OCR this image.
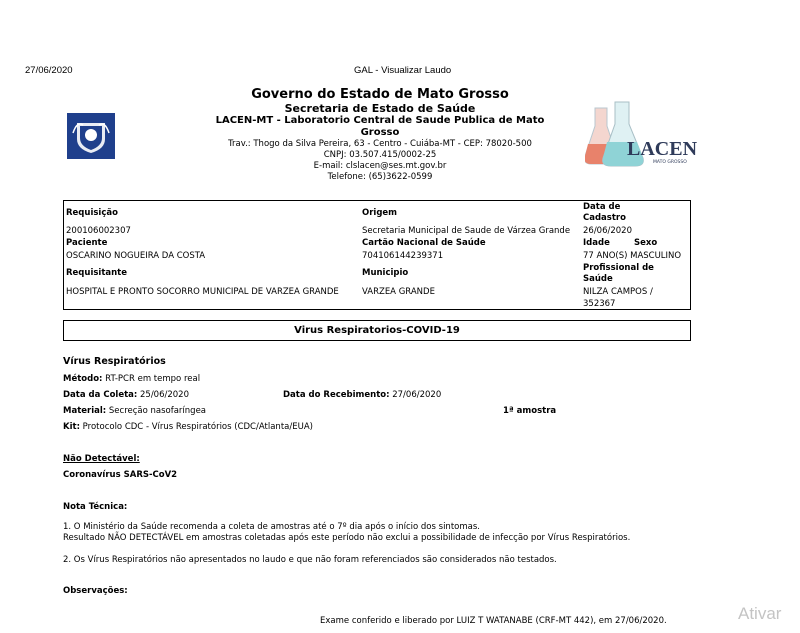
27/06/2020	GAL - Visualizar Laudo
Governo do Estado de Mato Grosso
Secretaria de Estado de Saúde
LACEN-MT - Laboratorio Central de Saude Publica de Mato Grosso
Trav.: Thogo da Silva Pereira, 63 - Centro - Cuiába-MT - CEP: 78020-500
CNPJ: 03.507.415/0002-25
E-mail: clslacen@ses.mt.gov.br
Telefone: (65)3622-0599
LACEN
MATO GROSSO
Requisição
200106002307
Origem
Secretaria Municipal de Saude de Várzea Grande
Data de Cadastro
26/06/2020
Paciente
OSCARINO NOGUEIRA DA COSTA
Cartão Nacional de Saúde
704106144239371
Idade	Sexo
77 ANO(S) MASCULINO
Requisitante
HOSPITAL E PRONTO SOCORRO MUNICIPAL DE VARZEA GRANDE
Municipio
VARZEA GRANDE
Profissional de Saúde
NILZA CAMPOS / 352367
Virus Respiratorios-COVID-19
Vírus Respiratórios
Método: RT-PCR em tempo real
Data da Coleta: 25/06/2020	Data do Recebimento: 27/06/2020
Material: Secreção nasofaríngea	1ª amostra
Kit: Protocolo CDC - Vírus Respiratórios (CDC/Atlanta/EUA)
Não Detectável:
Coronavírus SARS-CoV2
Nota Técnica:
1. O Ministério da Saúde recomenda a coleta de amostras até o 7º dia após o início dos sintomas.
Resultado NÃO DETECTÁVEL em amostras coletadas após este período não exclui a possibilidade de infecção por Vírus Respiratórios.
2. Os Vírus Respiratórios não apresentados no laudo e que não foram referenciados são considerados não testados.
Observações:
Exame conferido e liberado por LUIZ T WATANABE (CRF-MT 442), em 27/06/2020.	Ativar
